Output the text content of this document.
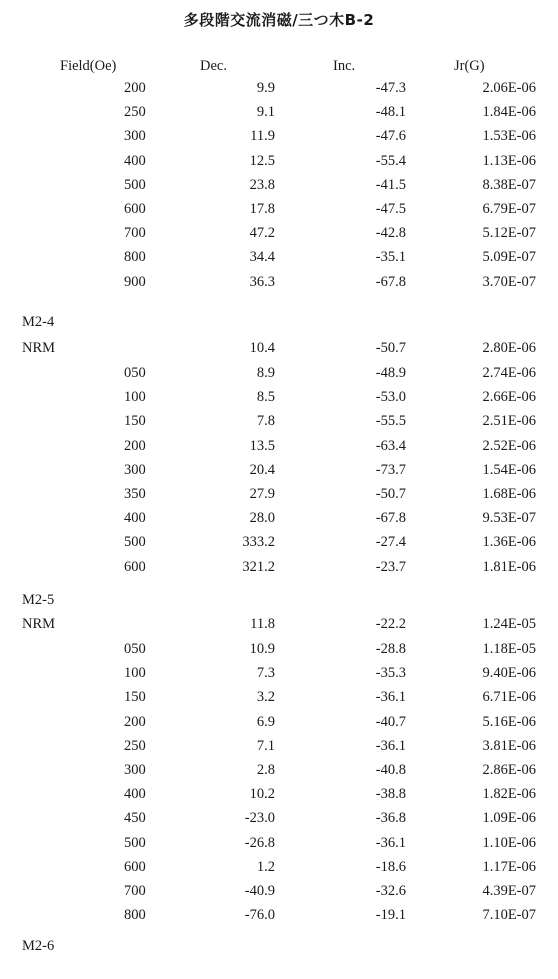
多段階交流消磁/三つ木B-2
Field(Oe)	Dec.	Inc.	Jr(G)
200	9.9	-47.3	2.06E-06
250	9.1	-48.1	1.84E-06
300	11.9	-47.6	1.53E-06
400	12.5	-55.4	1.13E-06
500	23.8	-41.5	8.38E-07
600	17.8	-47.5	6.79E-07
700	47.2	-42.8	5.12E-07
800	34.4	-35.1	5.09E-07
900	36.3	-67.8	3.70E-07
M2-4
NRM	10.4	-50.7	2.80E-06
050	8.9	-48.9	2.74E-06
100	8.5	-53.0	2.66E-06
150	7.8	-55.5	2.51E-06
200	13.5	-63.4	2.52E-06
300	20.4	-73.7	1.54E-06
350	27.9	-50.7	1.68E-06
400	28.0	-67.8	9.53E-07
500	333.2	-27.4	1.36E-06
600	321.2	-23.7	1.81E-06
M2-5
NRM	11.8	-22.2	1.24E-05
050	10.9	-28.8	1.18E-05
100	7.3	-35.3	9.40E-06
150	3.2	-36.1	6.71E-06
200	6.9	-40.7	5.16E-06
250	7.1	-36.1	3.81E-06
300	2.8	-40.8	2.86E-06
400	10.2	-38.8	1.82E-06
450	-23.0	-36.8	1.09E-06
500	-26.8	-36.1	1.10E-06
600	1.2	-18.6	1.17E-06
700	-40.9	-32.6	4.39E-07
800	-76.0	-19.1	7.10E-07
M2-6
